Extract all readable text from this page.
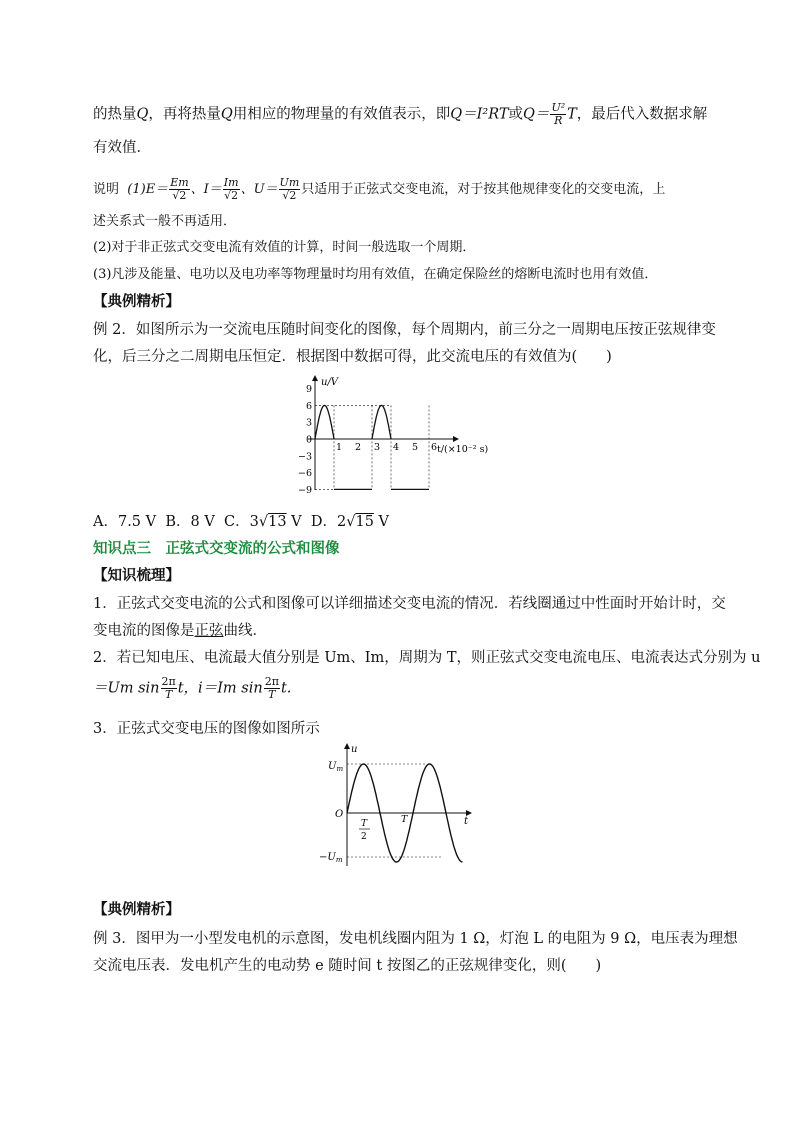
的热量Q，再将热量Q用相应的物理量的有效值表示，即Q＝I²RT或$Q= \frac{\text{U²}}{R}$ T，最后代入数据求解
有效值．
说明 $(1)E= \frac{Em}{√2}$ 、$I= \frac{Im}{√2}$ 、$U= \frac{Um}{√2}$ 只适用于正弦式交变电流，对于按其他规律变化的交变电流，上
述关系式一般不再适用．
(2)对于非正弦式交变电流有效值的计算，时间一般选取一个周期．
(3)凡涉及能量、电功以及电功率等物理量时均用有效值，在确定保险丝的熔断电流时也用有效值．
【典例精析】
例 2．如图所示为一交流电压随时间变化的图像，每个周期内，前三分之一周期电压按正弦规律变
化，后三分之二周期电压恒定．根据图中数据可得，此交流电压的有效值为(　　)
u/V
t/(×10⁻² s)
9
6
3
0
−3
−6
−9
1 2 3 4 5 6
A．7.5 V B．8 V C．3√13 V D．2√15 V
知识点三　正弦式交变流的公式和图像
【知识梳理】
1．正弦式交变电流的公式和图像可以详细描述交变电流的情况．若线圈通过中性面时开始计时，交
变电流的图像是正弦曲线．
2．若已知电压、电流最大值分别是 Um、Im，周期为 T，则正弦式交变电流电压、电流表达式分别为 u
＝Um $\sin \frac{2\pi}{T}$ t，i＝Im $\sin \frac{2\pi}{T} t$.
3．正弦式交变电压的图像如图所示
u
t
$U_m$
O
$-U_m$
T
2
T
【典例精析】
例 3．图甲为一小型发电机的示意图，发电机线圈内阻为 1 Ω，灯泡 L 的电阻为 9 Ω，电压表为理想
交流电压表．发电机产生的电动势 e 随时间 t 按图乙的正弦规律变化，则(　　)
